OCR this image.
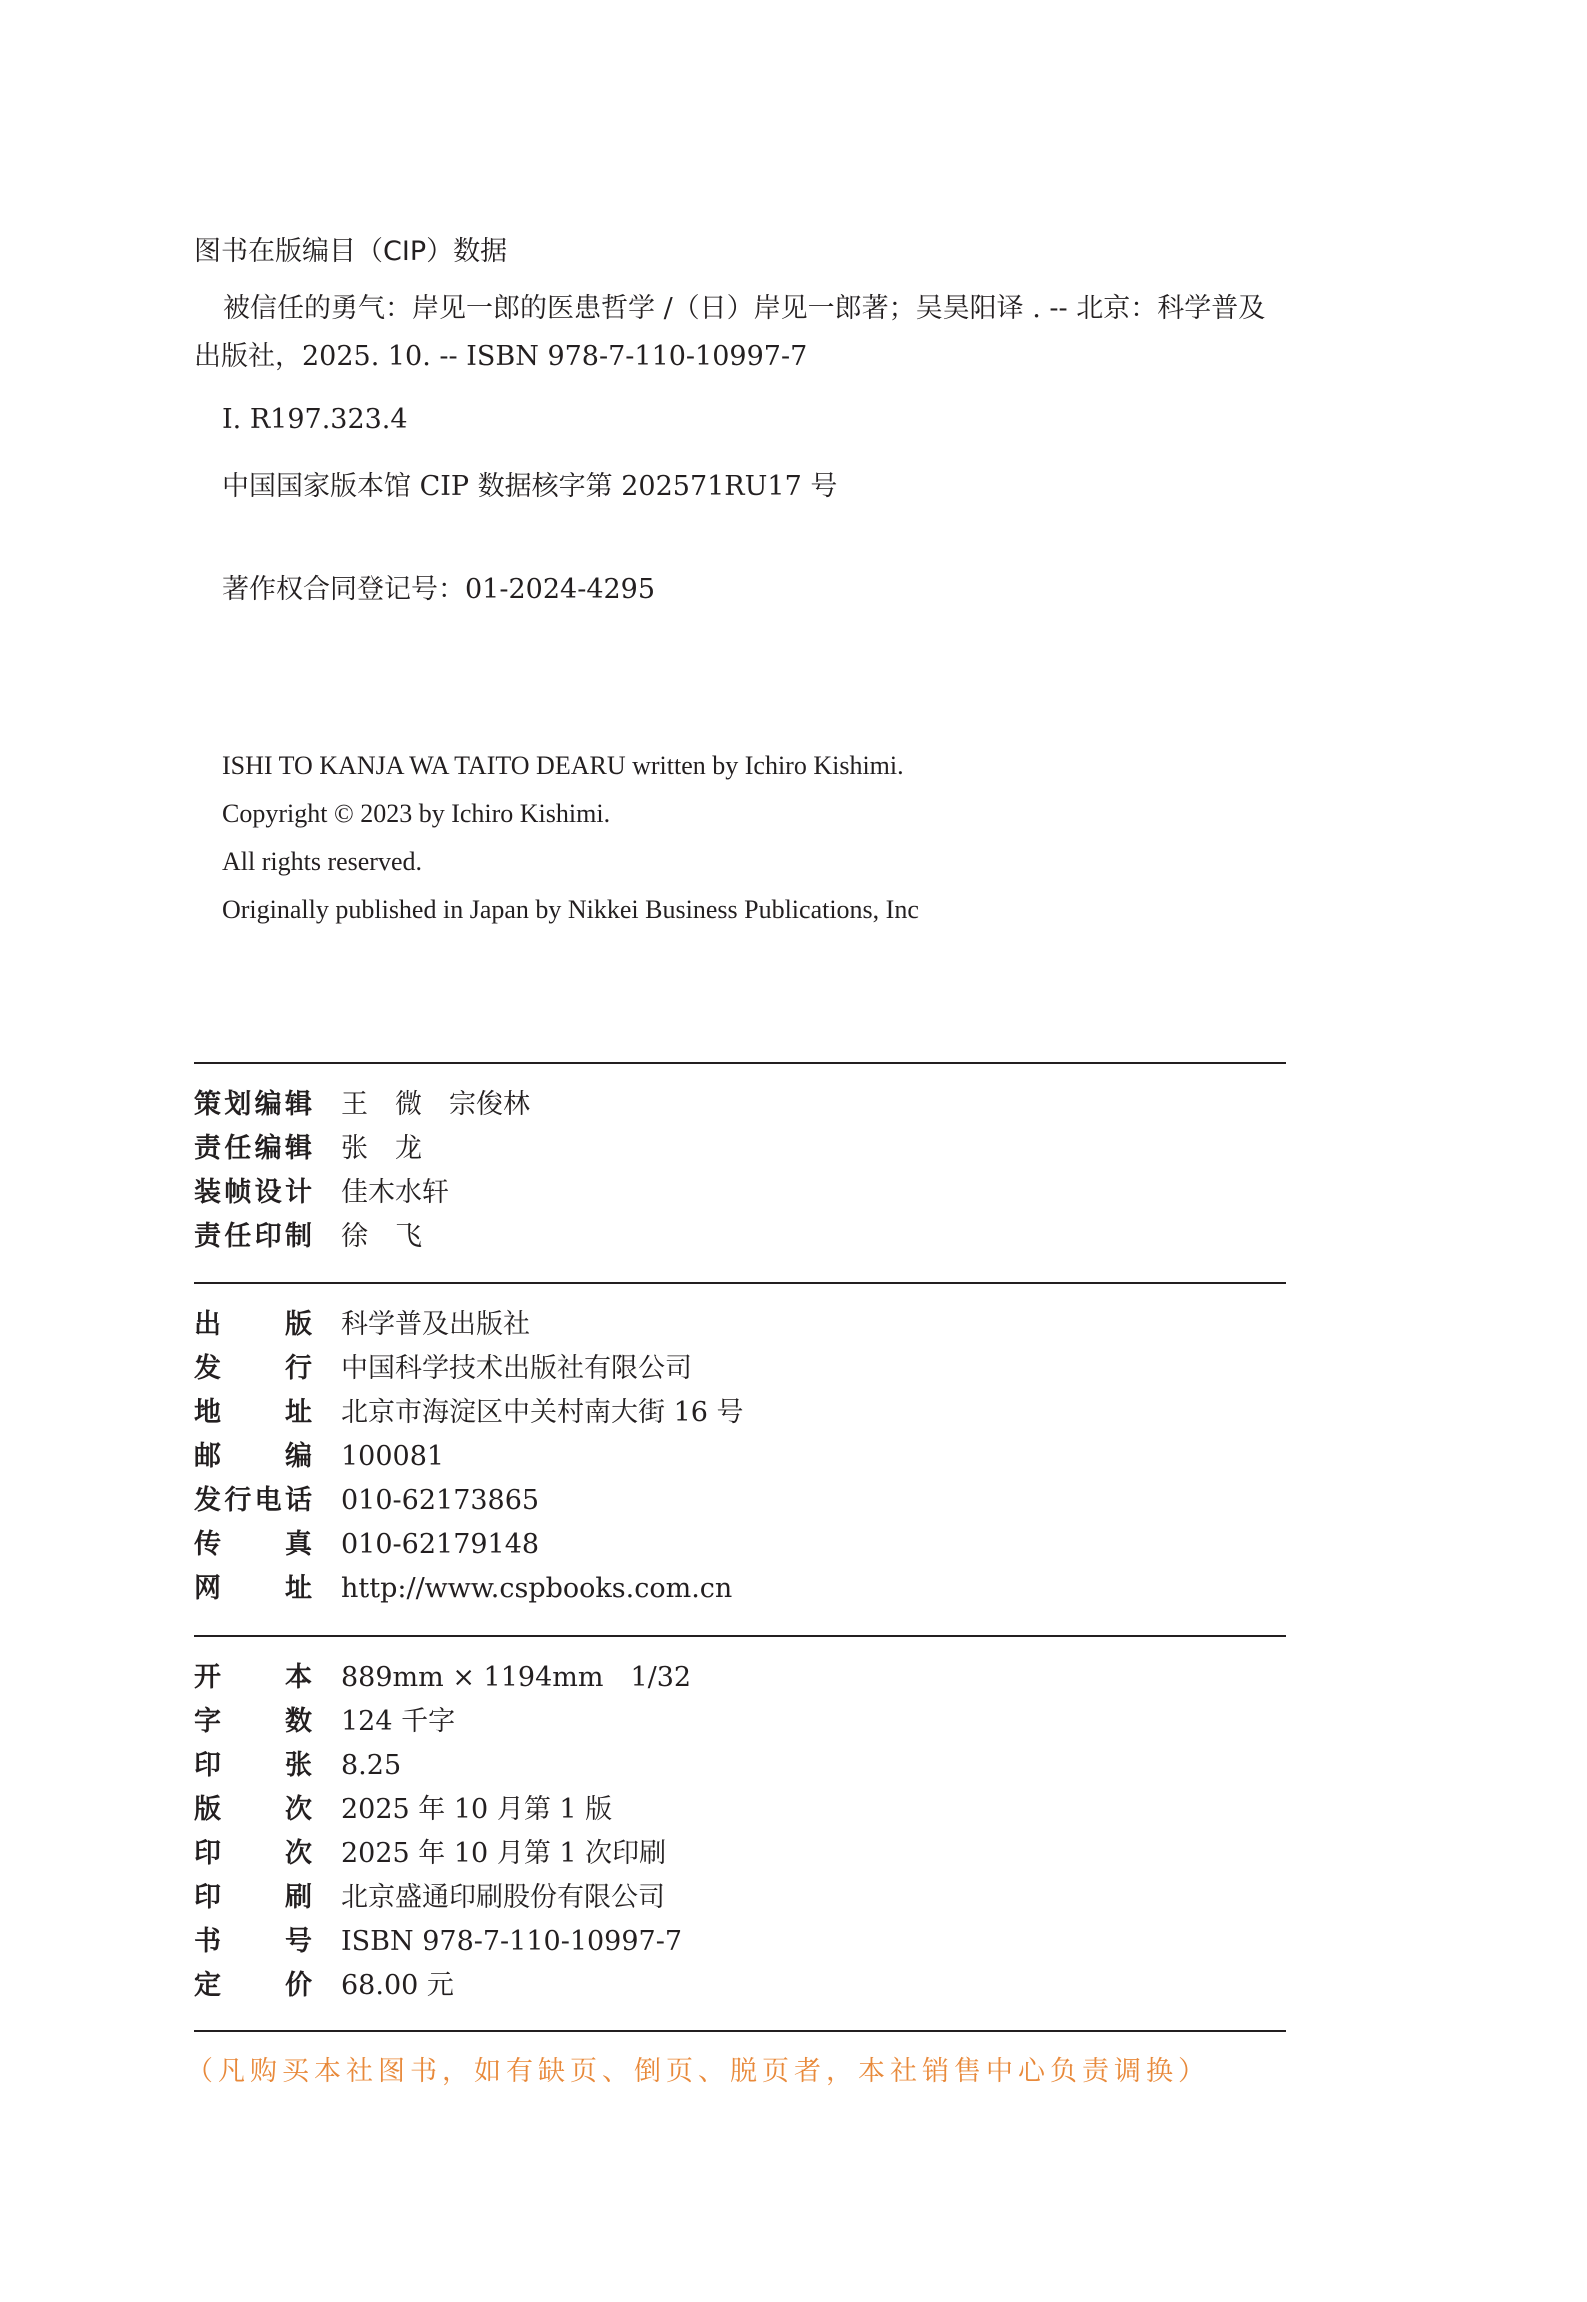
图书在版编目（CIP）数据
被信任的勇气：岸见一郎的医患哲学 /（日）岸见一郎著；吴昊阳译 . -- 北京：科学普及出版社，2025. 10. -- ISBN 978-7-110-10997-7
Ⅰ. R197.323.4
中国国家版本馆 CIP 数据核字第 202571RU17 号
著作权合同登记号：01-2024-4295
ISHI TO KANJA WA TAITO DEARU written by Ichiro Kishimi.
Copyright © 2023 by Ichiro Kishimi.
All rights reserved.
Originally published in Japan by Nikkei Business Publications, Inc
策 划 编 辑 王　微　宗俊林
责 任 编 辑 张　龙
装 帧 设 计 佳木水轩
责 任 印 制 徐　飞
出 版 科学普及出版社
发 行 中国科学技术出版社有限公司
地 址 北京市海淀区中关村南大街 16 号
邮 编 100081
发 行 电 话 010-62173865
传 真 010-62179148
网 址 http://www.cspbooks.com.cn
开 本 889mm × 1194mm　1/32
字 数 124 千字
印 张 8.25
版 次 2025 年 10 月第 1 版
印 次 2025 年 10 月第 1 次印刷
印 刷 北京盛通印刷股份有限公司
书 号 ISBN 978-7-110-10997-7
定 价 68.00 元
（凡购买本社图书，如有缺页、倒页、脱页者，本社销售中心负责调换）
